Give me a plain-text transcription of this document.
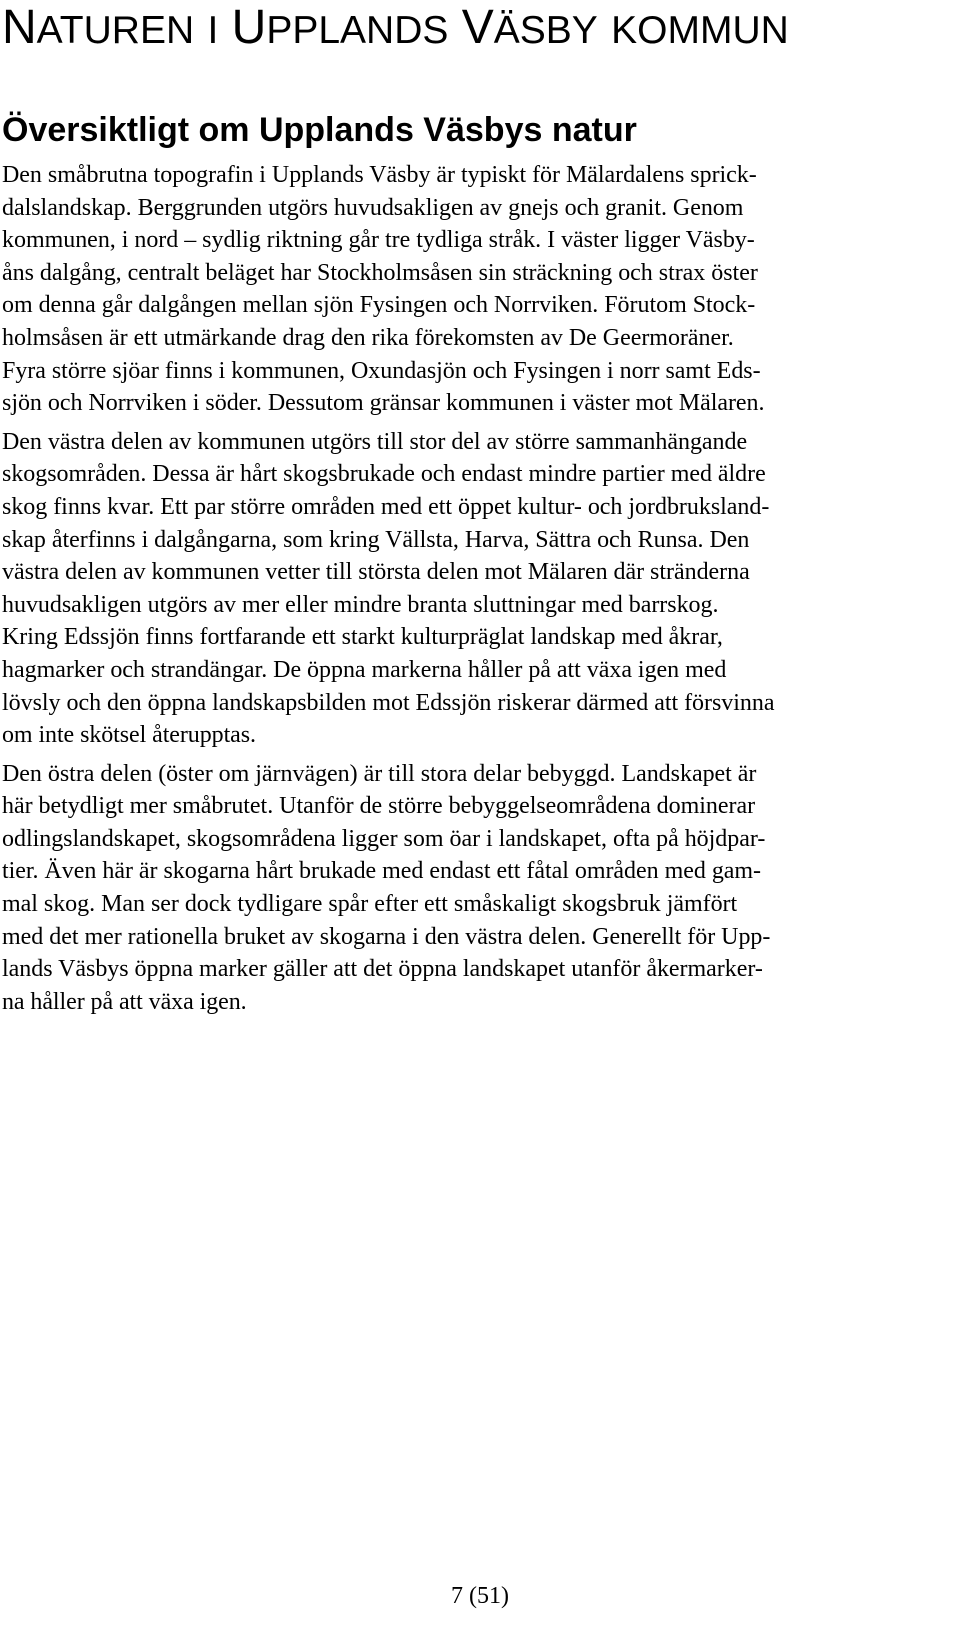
NATUREN I UPPLANDS VÄSBY KOMMUN
Översiktligt om Upplands Väsbys natur

Den småbrutna topografin i Upplands Väsby är typiskt för Mälardalens sprick-
dalslandskap. Berggrunden utgörs huvudsakligen av gnejs och granit. Genom
kommunen, i nord – sydlig riktning går tre tydliga stråk. I väster ligger Väsby-
åns dalgång, centralt beläget har Stockholmsåsen sin sträckning och strax öster
om denna går dalgången mellan sjön Fysingen och Norrviken. Förutom Stock-
holmsåsen är ett utmärkande drag den rika förekomsten av De Geermoräner.
Fyra större sjöar finns i kommunen, Oxundasjön och Fysingen i norr samt Eds-
sjön och Norrviken i söder. Dessutom gränsar kommunen i väster mot Mälaren.

Den västra delen av kommunen utgörs till stor del av större sammanhängande
skogsområden. Dessa är hårt skogsbrukade och endast mindre partier med äldre
skog finns kvar. Ett par större områden med ett öppet kultur- och jordbruksland-
skap återfinns i dalgångarna, som kring Vällsta, Harva, Sättra och Runsa. Den
västra delen av kommunen vetter till största delen mot Mälaren där stränderna
huvudsakligen utgörs av mer eller mindre branta sluttningar med barrskog.
Kring Edssjön finns fortfarande ett starkt kulturpräglat landskap med åkrar,
hagmarker och strandängar. De öppna markerna håller på att växa igen med
lövsly och den öppna landskapsbilden mot Edssjön riskerar därmed att försvinna
om inte skötsel återupptas.

Den östra delen (öster om järnvägen) är till stora delar bebyggd. Landskapet är
här betydligt mer småbrutet. Utanför de större bebyggelseområdena dominerar
odlingslandskapet, skogsområdena ligger som öar i landskapet, ofta på höjdpar-
tier. Även här är skogarna hårt brukade med endast ett fåtal områden med gam-
mal skog. Man ser dock tydligare spår efter ett småskaligt skogsbruk jämfört
med det mer rationella bruket av skogarna i den västra delen. Generellt för Upp-
lands Väsbys öppna marker gäller att det öppna landskapet utanför åkermarker-
na håller på att växa igen.

7 (51)
